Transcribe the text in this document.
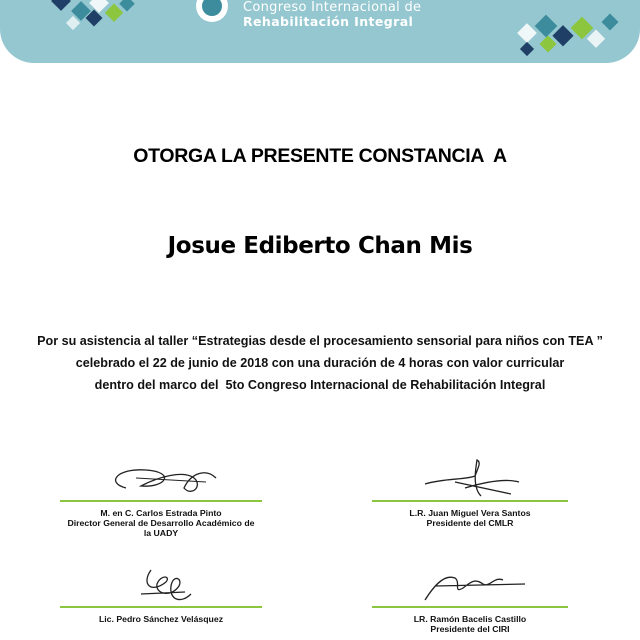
Congreso Internacional de
Rehabilitación Integral
OTORGA LA PRESENTE CONSTANCIA  A
Josue Ediberto Chan Mis
Por su asistencia al taller “Estrategias desde el procesamiento sensorial para niños con TEA ”
celebrado el 22 de junio de 2018 con una duración de 4 horas con valor curricular
dentro del marco del  5to Congreso Internacional de Rehabilitación Integral
M. en C. Carlos Estrada Pinto
Director General de Desarrollo Académico de
la UADY
L.R. Juan Miguel Vera Santos
Presidente del CMLR
Lic. Pedro Sánchez Velásquez	LR. Ramón Bacelis Castillo
Presidente del CIRI
